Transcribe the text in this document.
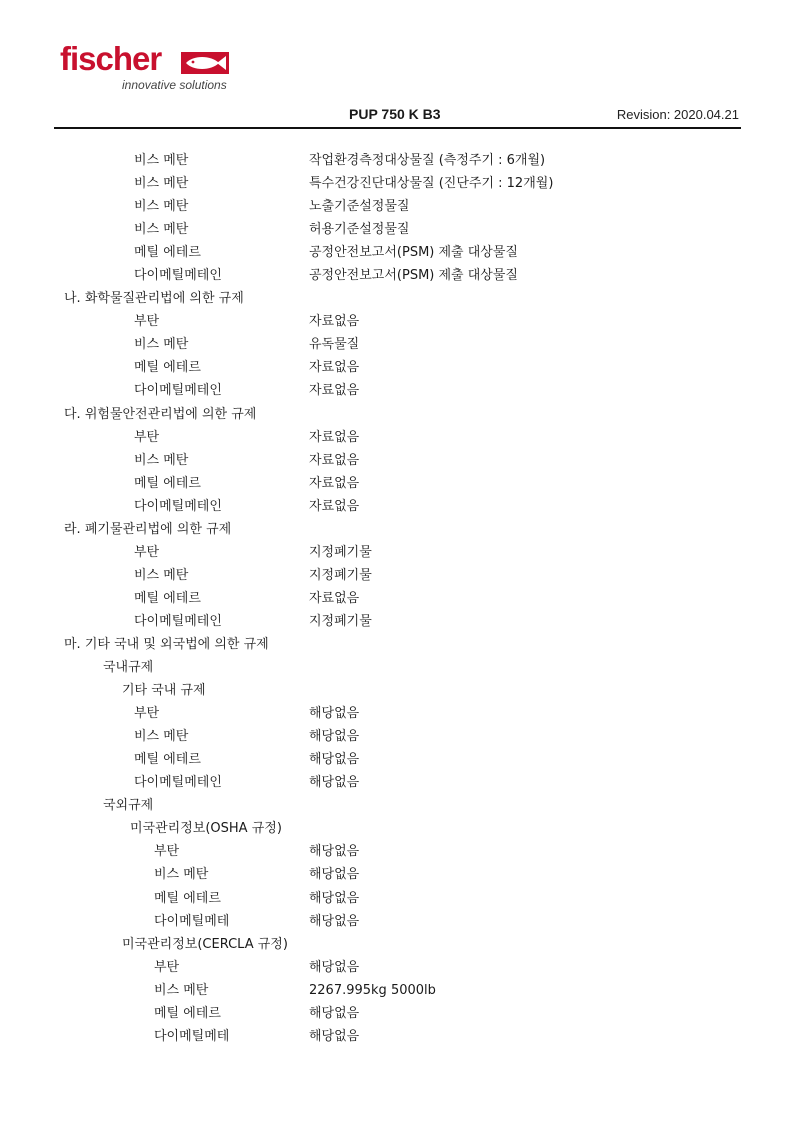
fischer
innovative solutions
PUP 750 K B3	Revision: 2020.04.21
비스 메탄	작업환경측정대상물질 (측정주기 : 6개월)
비스 메탄	특수건강진단대상물질 (진단주기 : 12개월)
비스 메탄	노출기준설정물질
비스 메탄	허용기준설정물질
메틸 에테르	공정안전보고서(PSM) 제출 대상물질
다이메틸메테인	공정안전보고서(PSM) 제출 대상물질
나. 화학물질관리법에 의한 규제
부탄	자료없음
비스 메탄	유독물질
메틸 에테르	자료없음
다이메틸메테인	자료없음
다. 위험물안전관리법에 의한 규제
부탄	자료없음
비스 메탄	자료없음
메틸 에테르	자료없음
다이메틸메테인	자료없음
라. 폐기물관리법에 의한 규제
부탄	지정폐기물
비스 메탄	지정폐기물
메틸 에테르	자료없음
다이메틸메테인	지정폐기물
마. 기타 국내 및 외국법에 의한 규제
국내규제
기타 국내 규제
부탄	해당없음
비스 메탄	해당없음
메틸 에테르	해당없음
다이메틸메테인	해당없음
국외규제
미국관리정보(OSHA 규정)
부탄	해당없음
비스 메탄	해당없음
메틸 에테르	해당없음
다이메틸메테	해당없음
미국관리정보(CERCLA 규정)
부탄	해당없음
비스 메탄	2267.995kg 5000lb
메틸 에테르	해당없음
다이메틸메테	해당없음
